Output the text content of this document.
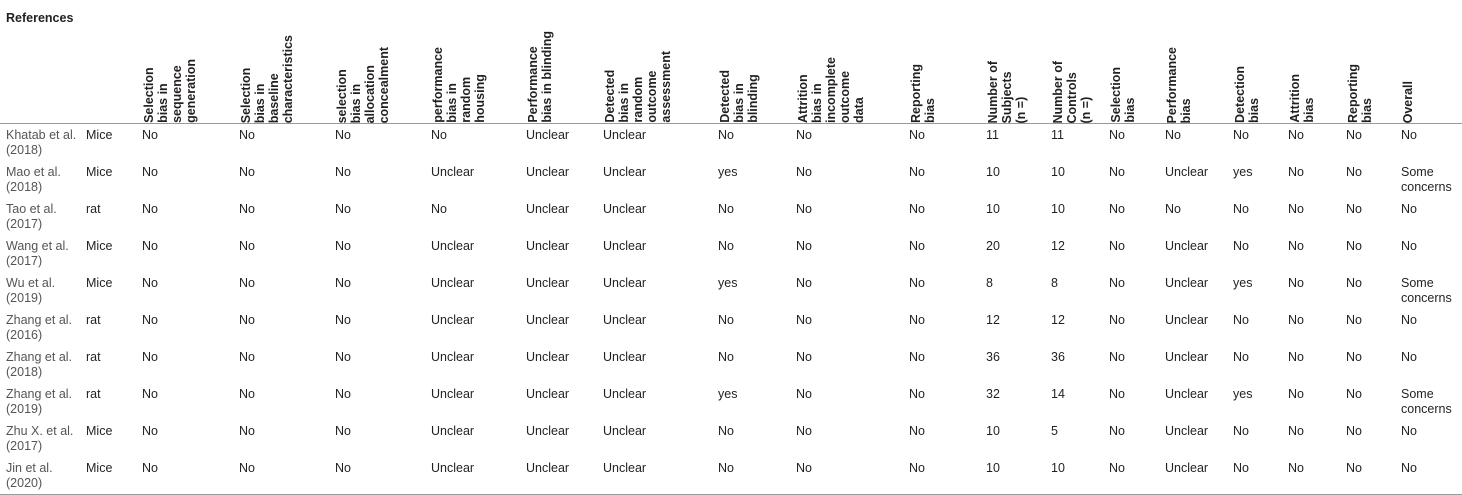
References		Selection
bias in
sequence
generation	Selection
bias in
baseline
characteristics	selection
bias in
allocation
concealment	performance
bias in
random
housing	Performance
bias in blinding	Detected
bias in
random
outcome
assessment	Detected
bias in
blinding	Attrition
bias in
incomplete
outcome
data	Reporting
bias	Number of
Subjects
(n =)	Number of
Controls
(n =)	Selection
bias	Performance
bias	Detection
bias	Attrition
bias	Reporting
bias	Overall

Khatab et al.
(2018)	Mice	No	No	No	No	Unclear	Unclear	No	No	No	11	11	No	No	No	No	No	No
Mao et al.
(2018)	Mice	No	No	No	Unclear	Unclear	Unclear	yes	No	No	10	10	No	Unclear	yes	No	No	Some
concerns
Tao et al.
(2017)	rat	No	No	No	No	Unclear	Unclear	No	No	No	10	10	No	No	No	No	No	No
Wang et al.
(2017)	Mice	No	No	No	Unclear	Unclear	Unclear	No	No	No	20	12	No	Unclear	No	No	No	No
Wu et al.
(2019)	Mice	No	No	No	Unclear	Unclear	Unclear	yes	No	No	8	8	No	Unclear	yes	No	No	Some
concerns
Zhang et al.
(2016)	rat	No	No	No	Unclear	Unclear	Unclear	No	No	No	12	12	No	Unclear	No	No	No	No
Zhang et al.
(2018)	rat	No	No	No	Unclear	Unclear	Unclear	No	No	No	36	36	No	Unclear	No	No	No	No
Zhang et al.
(2019)	rat	No	No	No	Unclear	Unclear	Unclear	yes	No	No	32	14	No	Unclear	yes	No	No	Some
concerns
Zhu X. et al.
(2017)	Mice	No	No	No	Unclear	Unclear	Unclear	No	No	No	10	5	No	Unclear	No	No	No	No
Jin et al.
(2020)	Mice	No	No	No	Unclear	Unclear	Unclear	No	No	No	10	10	No	Unclear	No	No	No	No
